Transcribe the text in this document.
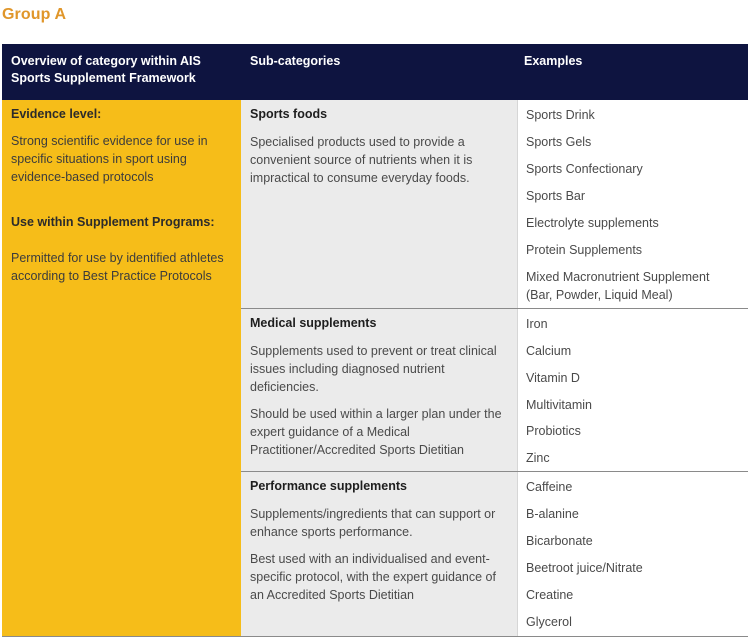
Group A
Overview of category within AIS Sports Supplement Framework
Sub-categories	Examples
Evidence level:
Strong scientific evidence for use in specific situations in sport using evidence-based protocols
Use within Supplement Programs:
Permitted for use by identified athletes according to Best Practice Protocols
Sports foods
Specialised products used to provide a convenient source of nutrients when it is impractical to consume everyday foods.
Medical supplements
Supplements used to prevent or treat clinical issues including diagnosed nutrient deficiencies.
Should be used within a larger plan under the expert guidance of a Medical Practitioner/Accredited Sports Dietitian
Performance supplements
Supplements/ingredients that can support or enhance sports performance.
Best used with an individualised and event-specific protocol, with the expert guidance of an Accredited Sports Dietitian
Sports Drink
Sports Gels
Sports Confectionary
Sports Bar
Electrolyte supplements
Protein Supplements
Mixed Macronutrient Supplement (Bar, Powder, Liquid Meal)
Iron
Calcium
Vitamin D
Multivitamin
Probiotics
Zinc
Caffeine
B-alanine
Bicarbonate
Beetroot juice/Nitrate
Creatine
Glycerol
